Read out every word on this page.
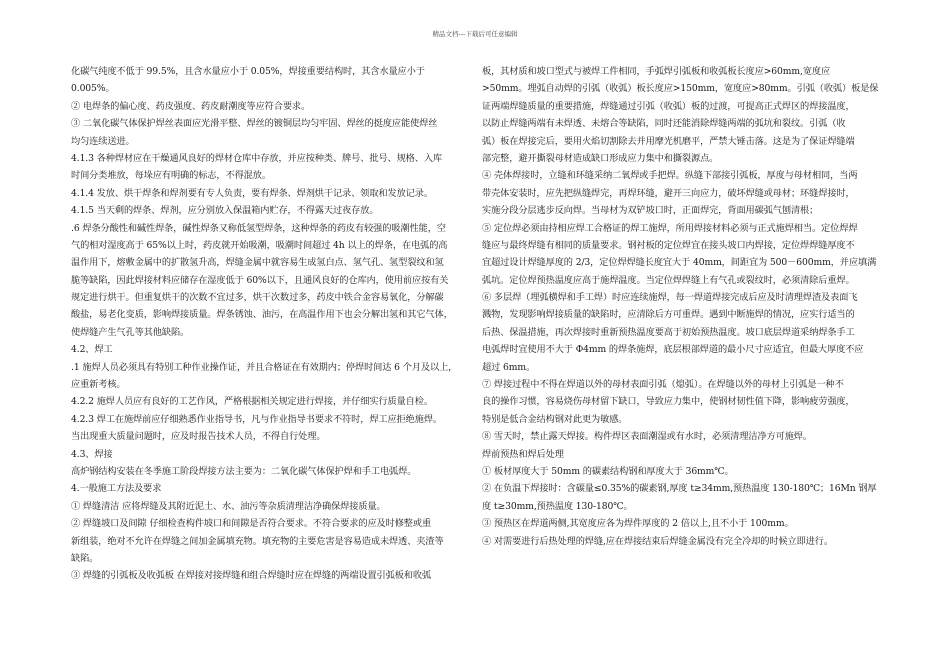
精品文档---下载后可任意编辑
化碳气纯度不低于 99.5%，且含水量应小于 0.05%，焊接重要结构时，其含水量应小于
0.005%。
② 电焊条的偏心度、药皮强度、药皮耐潮度等应符合要求。
③ 二氧化碳气体保护焊丝表面应光滑平整、焊丝的镀铜层均匀牢固、焊丝的挺度应能使焊丝
均匀连续送进。
4.1.3 各种焊材应在干燥通风良好的焊材仓库中存放，并应按种类、牌号、批号、规格、入库
时间分类堆放，每垛应有明确的标志，不得混放。
4.1.4 发放、烘干焊条和焊剂要有专人负责，要有焊条、焊剂烘干记录、领取和发放记录。
4.1.5 当天剩的焊条、焊剂，应分别放入保温箱内贮存，不得露天过夜存放。
.6 焊条分酸性和碱性焊条，碱性焊条又称低氢型焊条，这种焊条的药皮有较强的吸潮性能，空
气的相对湿度高于 65%以上时，药皮就开始吸潮，吸潮时间超过 4h 以上的焊条，在电弧的高
温作用下，熔敷金属中的扩散氢升高，焊缝金属中就容易生成氢白点、氢气孔、氢型裂纹和氢
脆等缺陷，因此焊接材料应储存在湿度低于 60%以下，且通风良好的仓库内，使用前应按有关
规定进行烘干。但重复烘干的次数不宜过多，烘干次数过多，药皮中铁合金容易氧化，分解碳
酸盐，易老化变质，影响焊接质量。焊条锈蚀、油污，在高温作用下也会分解出氢和其它气体，
使焊缝产生气孔等其他缺陷。
4.2、焊工
.1 施焊人员必须具有特别工种作业操作证，并且合格证在有效期内；停焊时间达 6 个月及以上，
应重新考核。
4.2.2 施焊人员应有良好的工艺作风，严格根据相关规定进行焊接，并仔细实行质量自检。
4.2.3 焊工在施焊前应仔细熟悉作业指导书，凡与作业指导书要求不符时，焊工应拒绝施焊。
当出现重大质量问题时，应及时报告技术人员，不得自行处理。
4.3、焊接
高炉钢结构安装在冬季施工阶段焊接方法主要为：二氧化碳气体保护焊和手工电弧焊。
4.一般施工方法及要求
① 焊缝清洁 应将焊缝及其附近泥土、水、油污等杂质清理洁净确保焊接质量。
② 焊缝坡口及间隙 仔细检查构件坡口和间隙是否符合要求。不符合要求的应及时修整或重
新组装，绝对不允许在焊缝之间加金属填充物。填充物的主要危害是容易造成未焊透、夹渣等
缺陷。
③ 焊缝的引弧板及收弧板 在焊接对接焊缝和组合焊缝时应在焊缝的两端设置引弧板和收弧
板，其材质和坡口型式与被焊工件相同，手弧焊引弧板和收弧板长度应>60mm,宽度应
>50mm。埋弧自动焊的引弧（收弧）板长度应>150mm，宽度应>80mm。引弧（收弧）板是保
证两端焊缝质量的重要措施，焊缝通过引弧（收弧）板的过渡，可提高正式焊区的焊接温度，
以防止焊缝两端有未焊透、未熔合等缺陷，同时还能消除焊缝两端的弧坑和裂纹。引弧（收
弧）板在焊接完后，要用火焰切割除去并用摩光机磨平，严禁大锤击落。这是为了保证焊缝端
部完整，避开撕裂母材造成缺口形成应力集中和撕裂源点。
④ 壳体焊接时，立缝和环缝采纳二氧焊或手把焊。纵缝下部接引弧板，厚度与母材相同，当两
带壳体安装时，应先把纵缝焊完，再焊环缝，避开三向应力，破坏焊缝或母材；环缝焊接时，
实施分段分层逃步反向焊。当母材为双铲坡口时，正面焊完，背面用碳弧气刨清根；
⑤ 定位焊必须由持相应焊工合格证的焊工施焊，所用焊接材料必须与正式施焊相当。定位焊焊
缝应与最终焊缝有相同的质量要求。钢衬板的定位焊宜在接头坡口内焊接，定位焊焊缝厚度不
宜超过设计焊缝厚度的 2/3，定位焊焊缝长度宜大于 40mm，间距宜为 500－600mm，并应填满
弧坑。定位焊预热温度应高于施焊温度。当定位焊焊缝上有气孔或裂纹时，必须清除后重焊。
⑥ 多层焊（埋弧横焊和手工焊）时应连续施焊，每一焊道焊接完成后应及时清理焊渣及表面飞
溅物，发现影响焊接质量的缺陷时，应清除后方可重焊。遇到中断施焊的情况，应实行适当的
后热、保温措施，再次焊接时重新预热温度要高于初始预热温度。坡口底层焊道采纳焊条手工
电弧焊时宜使用不大于 Φ4mm 的焊条施焊，底层根部焊道的最小尺寸应适宜，但最大厚度不应
超过 6mm。
⑦ 焊接过程中不得在焊道以外的母材表面引弧（熄弧）。在焊缝以外的母材上引弧是一种不
良的操作习惯，容易烧伤母材留下缺口，导致应力集中，使钢材韧性值下降，影响疲劳强度，
特别是低合金结构钢对此更为敏感。
⑧ 雪天时，禁止露天焊接。构件焊区表面潮湿或有水时，必须清理洁净方可施焊。
焊前预热和焊后处理
① 板材厚度大于 50mm 的碳素结构钢和厚度大于 36mm℃。
② 在负温下焊接时：含碳量≤0.35%的碳素钢,厚度 t≥34mm,预热温度 130-180℃；16Mn 钢厚
度 t≥30mm,预热温度 130-180℃。
③ 预热区在焊道两侧,其宽度应各为焊件厚度的 2 倍以上,且不小于 100mm。
④ 对需要进行后热处理的焊缝,应在焊接结束后焊缝金属没有完全冷却的时候立即进行。
